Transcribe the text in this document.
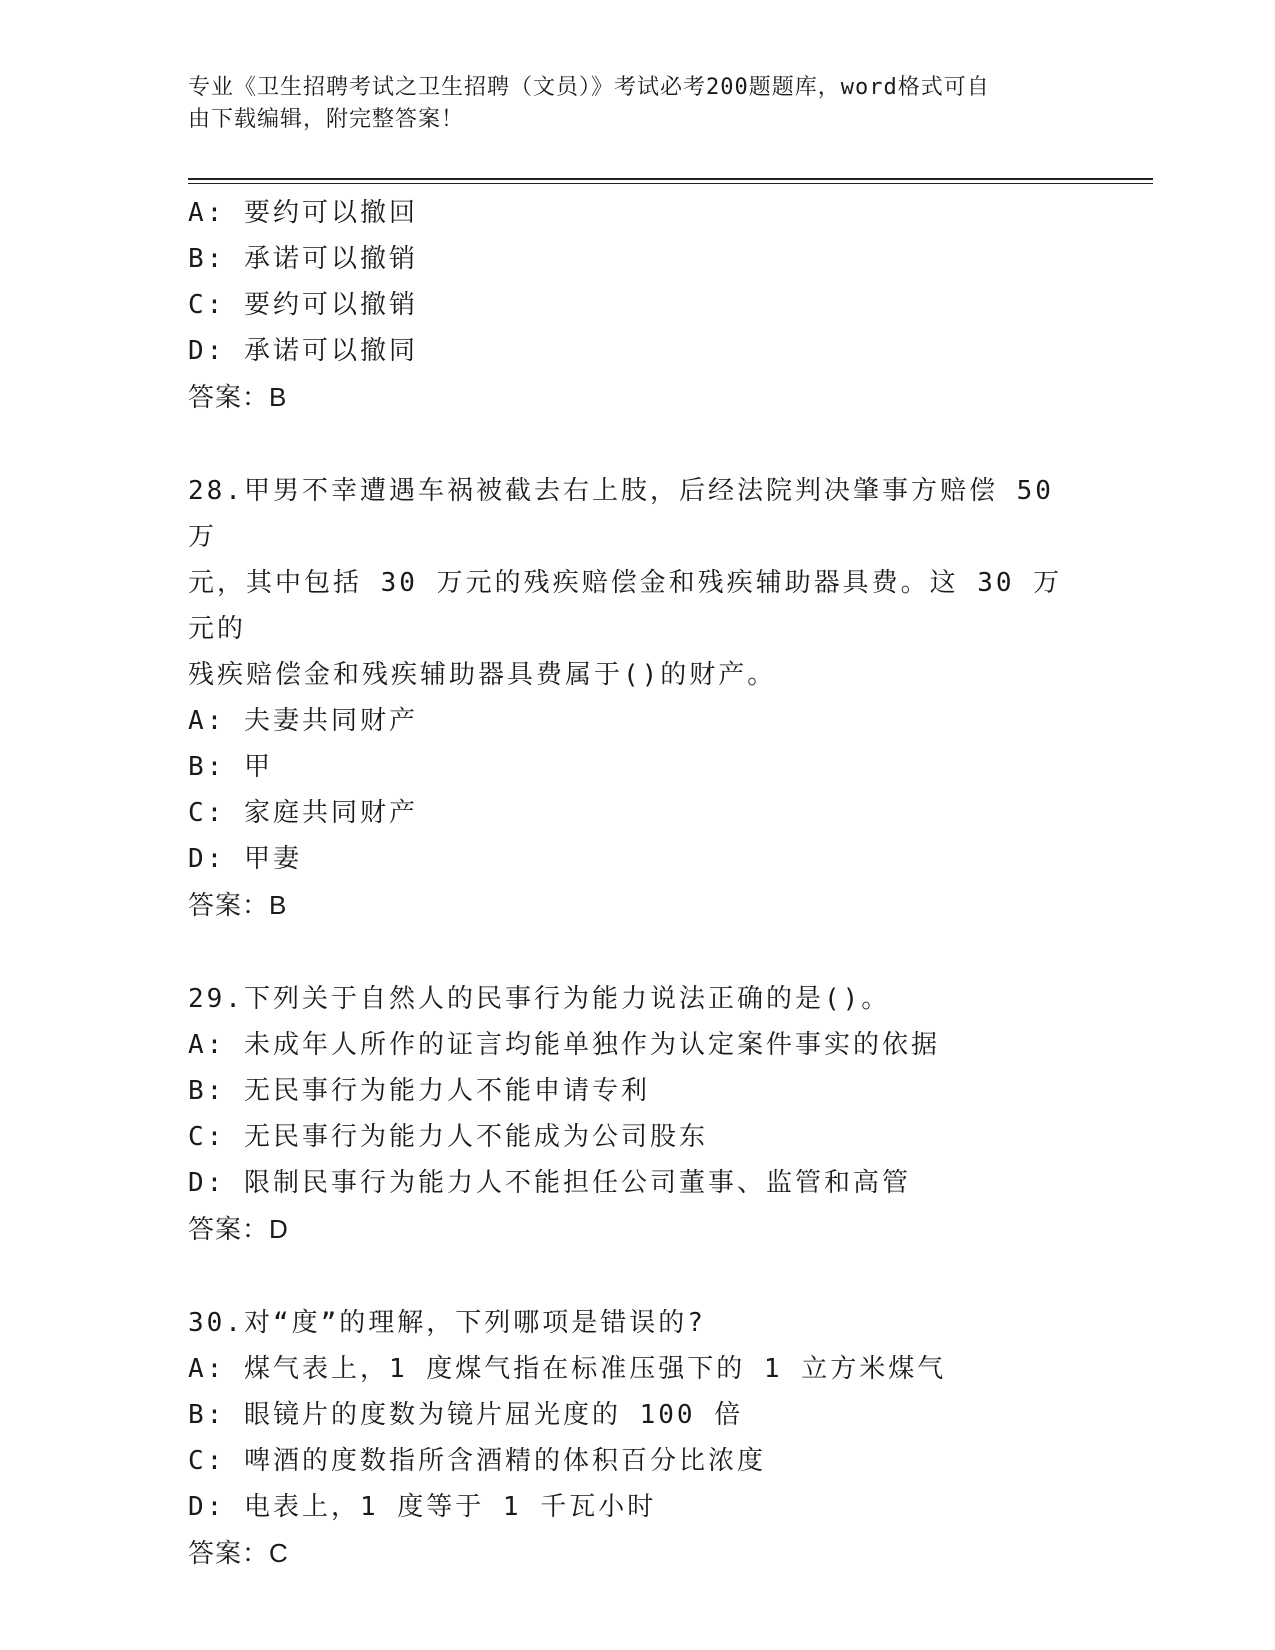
专业《卫生招聘考试之卫生招聘（文员）》考试必考200题题库，word格式可自
由下载编辑，附完整答案！
A: 要约可以撤回
B: 承诺可以撤销
C: 要约可以撤销
D: 承诺可以撤同
答案：B
28.甲男不幸遭遇车祸被截去右上肢，后经法院判决肇事方赔偿 50 万
元，其中包括 30 万元的残疾赔偿金和残疾辅助器具费。这 30 万元的
残疾赔偿金和残疾辅助器具费属于()的财产。
A: 夫妻共同财产
B: 甲
C: 家庭共同财产
D: 甲妻
答案：B
29.下列关于自然人的民事行为能力说法正确的是()。
A: 未成年人所作的证言均能单独作为认定案件事实的依据
B: 无民事行为能力人不能申请专利
C: 无民事行为能力人不能成为公司股东
D: 限制民事行为能力人不能担任公司董事、监管和高管
答案：D
30.对“度”的理解，下列哪项是错误的?
A: 煤气表上，1 度煤气指在标准压强下的 1 立方米煤气
B: 眼镜片的度数为镜片屈光度的 100 倍
C: 啤酒的度数指所含酒精的体积百分比浓度
D: 电表上，1 度等于 1 千瓦小时
答案：C
